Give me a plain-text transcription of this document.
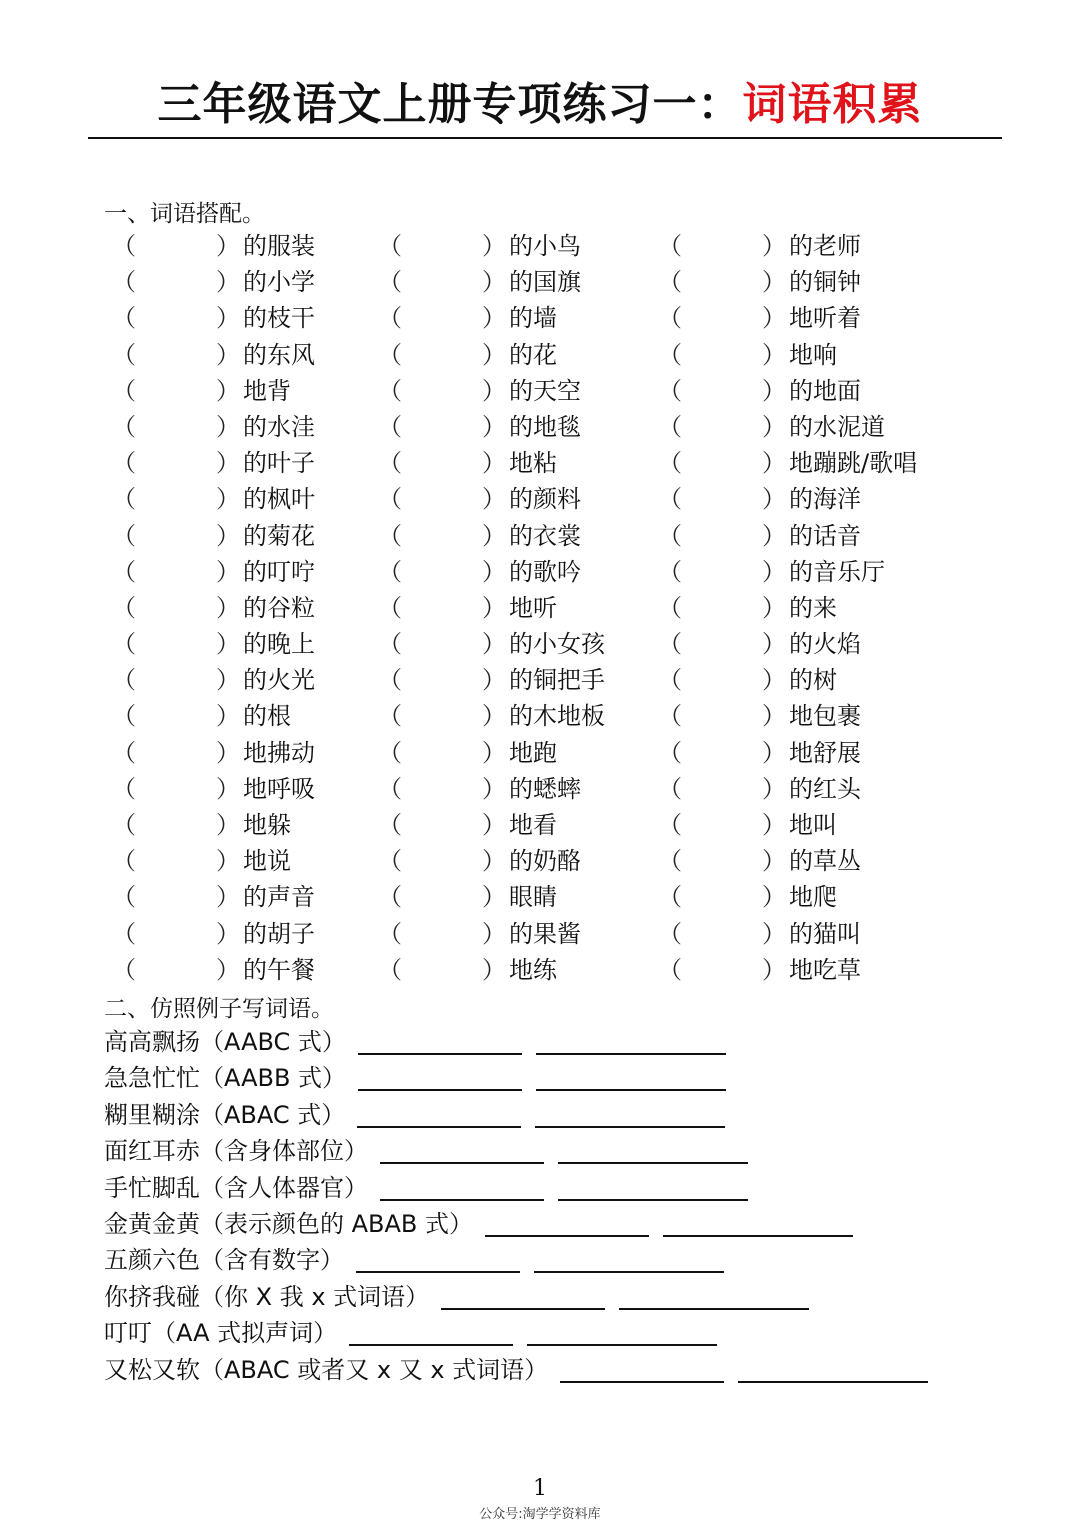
三年级语文上册专项练习一：词语积累
一、词语搭配。
（	） 的服装	（	） 的小鸟	（	） 的老师
（	） 的小学	（	） 的国旗	（	） 的铜钟
（	） 的枝干	（	） 的墙	（	） 地听着
（	） 的东风	（	） 的花	（	） 地响
（	） 地背	（	） 的天空	（	） 的地面
（	） 的水洼	（	） 的地毯	（	） 的水泥道
（	） 的叶子	（	） 地粘	（	） 地蹦跳/歌唱
（	） 的枫叶	（	） 的颜料	（	） 的海洋
（	） 的菊花	（	） 的衣裳	（	） 的话音
（	） 的叮咛	（	） 的歌吟	（	） 的音乐厅
（	） 的谷粒	（	） 地听	（	） 的来
（	） 的晚上	（	） 的小女孩 （	） 的火焰
（	） 的火光	（	） 的铜把手 （	） 的树
（	） 的根	（	） 的木地板 （	） 地包裹
（	） 地拂动	（	） 地跑	（	） 地舒展
（	） 地呼吸	（	） 的蟋蟀	（	） 的红头
（	） 地躲	（	） 地看	（	） 地叫
（	） 地说	（	） 的奶酪	（	） 的草丛
（	） 的声音	（	） 眼睛	（	） 地爬
（	） 的胡子	（	） 的果酱	（	） 的猫叫
（	） 的午餐	（	） 地练	（	） 地吃草
二、仿照例子写词语。
高高飘扬（AABC 式）
急急忙忙（AABB 式）
糊里糊涂（ABAC 式）
面红耳赤（含身体部位）
手忙脚乱（含人体器官）
金黄金黄（表示颜色的 ABAB 式）
五颜六色（含有数字）
你挤我碰（你 X 我 x 式词语）
叮叮（AA 式拟声词）
又松又软（ABAC 或者又 x 又 x 式词语）
1
公众号:淘学学资料库
